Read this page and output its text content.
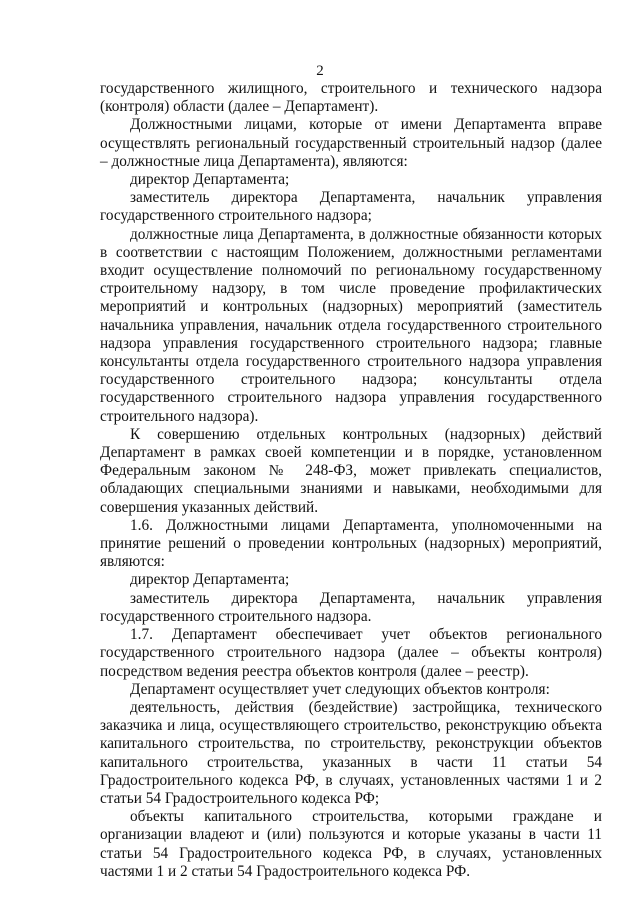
2

государственного жилищного, строительного и технического надзора (контроля) области (далее – Департамент).

Должностными лицами, которые от имени Департамента вправе осуществлять региональный государственный строительный надзор (далее – должностные лица Департамента), являются:

директор Департамента;

заместитель директора Департамента, начальник управления государственного строительного надзора;

должностные лица Департамента, в должностные обязанности которых в соответствии с настоящим Положением, должностными регламентами входит осуществление полномочий по региональному государственному строительному надзору, в том числе проведение профилактических мероприятий и контрольных (надзорных) мероприятий (заместитель начальника управления, начальник отдела государственного строительного надзора управления государственного строительного надзора; главные консультанты отдела государственного строительного надзора управления государственного строительного надзора; консультанты отдела государственного строительного надзора управления государственного строительного надзора).

К совершению отдельных контрольных (надзорных) действий Департамент в рамках своей компетенции и в порядке, установленном Федеральным законом № 248-ФЗ, может привлекать специалистов, обладающих специальными знаниями и навыками, необходимыми для совершения указанных действий.

1.6. Должностными лицами Департамента, уполномоченными на принятие решений о проведении контрольных (надзорных) мероприятий, являются:

директор Департамента;

заместитель директора Департамента, начальник управления государственного строительного надзора.

1.7. Департамент обеспечивает учет объектов регионального государственного строительного надзора (далее – объекты контроля) посредством ведения реестра объектов контроля (далее – реестр).

Департамент осуществляет учет следующих объектов контроля:

деятельность, действия (бездействие) застройщика, технического заказчика и лица, осуществляющего строительство, реконструкцию объекта капитального строительства, по строительству, реконструкции объектов капитального строительства, указанных в части 11 статьи 54 Градостроительного кодекса РФ, в случаях, установленных частями 1 и 2 статьи 54 Градостроительного кодекса РФ;

объекты капитального строительства, которыми граждане и организации владеют и (или) пользуются и которые указаны в части 11 статьи 54 Градостроительного кодекса РФ, в случаях, установленных частями 1 и 2 статьи 54 Градостроительного кодекса РФ.
